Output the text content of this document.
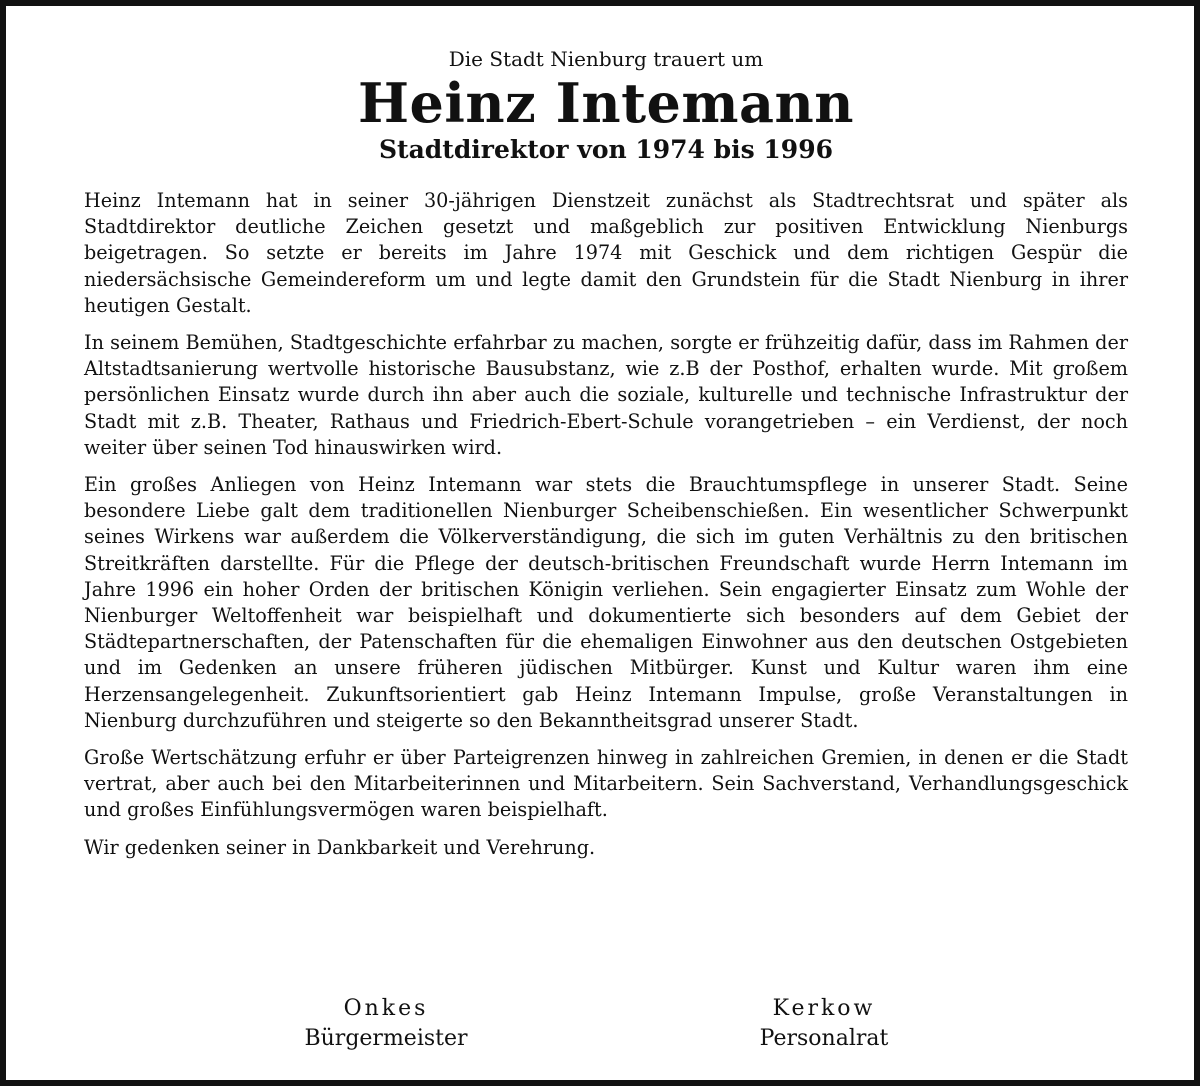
Die Stadt Nienburg trauert um

Heinz Intemann

Stadtdirektor von 1974 bis 1996

Heinz Intemann hat in seiner 30-jährigen Dienstzeit zunächst als Stadtrechtsrat und später als Stadtdirektor deutliche Zeichen gesetzt und maßgeblich zur positiven Entwicklung Nienburgs beigetragen. So setzte er bereits im Jahre 1974 mit Geschick und dem richtigen Gespür die niedersächsische Gemeindereform um und legte damit den Grundstein für die Stadt Nienburg in ihrer heutigen Gestalt.

In seinem Bemühen, Stadtgeschichte erfahrbar zu machen, sorgte er frühzeitig dafür, dass im Rahmen der Altstadtsanierung wertvolle historische Bausubstanz, wie z.B der Posthof, erhalten wurde. Mit großem persönlichen Einsatz wurde durch ihn aber auch die soziale, kulturelle und technische Infrastruktur der Stadt mit z.B. Theater, Rathaus und Friedrich-Ebert-Schule vorangetrieben – ein Verdienst, der noch weiter über seinen Tod hinauswirken wird.

Ein großes Anliegen von Heinz Intemann war stets die Brauchtumspflege in unserer Stadt. Seine besondere Liebe galt dem traditionellen Nienburger Scheibenschießen. Ein wesentlicher Schwerpunkt seines Wirkens war außerdem die Völkerverständigung, die sich im guten Verhältnis zu den britischen Streitkräften darstellte. Für die Pflege der deutsch-britischen Freundschaft wurde Herrn Intemann im Jahre 1996 ein hoher Orden der britischen Königin verliehen. Sein engagierter Einsatz zum Wohle der Nienburger Weltoffenheit war beispielhaft und dokumentierte sich besonders auf dem Gebiet der Städtepartnerschaften, der Patenschaften für die ehemaligen Einwohner aus den deutschen Ostgebieten und im Gedenken an unsere früheren jüdischen Mitbürger. Kunst und Kultur waren ihm eine Herzensangelegenheit. Zukunftsorientiert gab Heinz Intemann Impulse, große Veranstaltungen in Nienburg durchzuführen und steigerte so den Bekanntheitsgrad unserer Stadt.

Große Wertschätzung erfuhr er über Parteigrenzen hinweg in zahlreichen Gremien, in denen er die Stadt vertrat, aber auch bei den Mitarbeiterinnen und Mitarbeitern. Sein Sachverstand, Verhandlungsgeschick und großes Einfühlungsvermögen waren beispielhaft.

Wir gedenken seiner in Dankbarkeit und Verehrung.

Onkes
Bürgermeister
Kerkow
Personalrat
